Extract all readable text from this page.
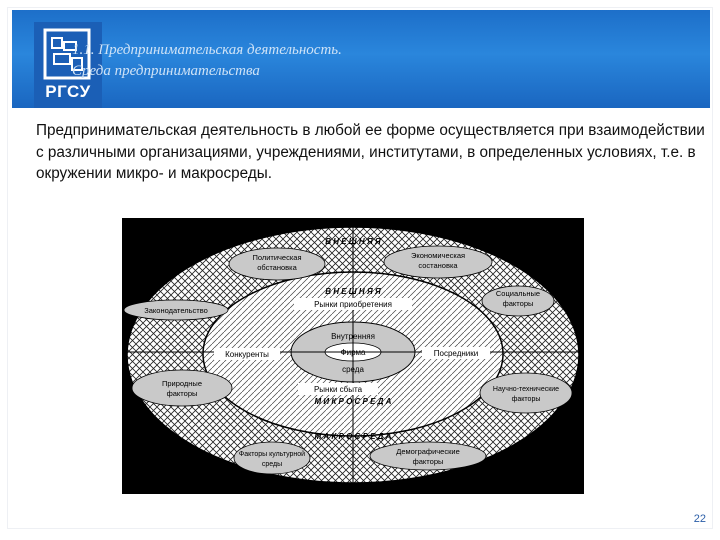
РГСУ
1.1. Предпринимательская деятельность.
Среда предпринимательства
Предпринимательская деятельность в любой ее форме осуществляется при взаимодействии с различными организациями, учреждениями, институтами, в определенных условиях, т.е. в окружении микро- и макросреды.
В Н Е Ш Н Я Я
М А К Р О С Р Е Д А
В Н Е Ш Н Я Я
М И К Р О С Р Е Д А
Внутренняя
Фирма
среда
Рынки приобретения
Конкуренты	Посредники
Рынки сбыта
Политическая обстановка
Экономическая состановка
Законодательство
Социальные факторы
Природные факторы	Научно-технические факторы
Факторы культурной среды
Демографические факторы
22
